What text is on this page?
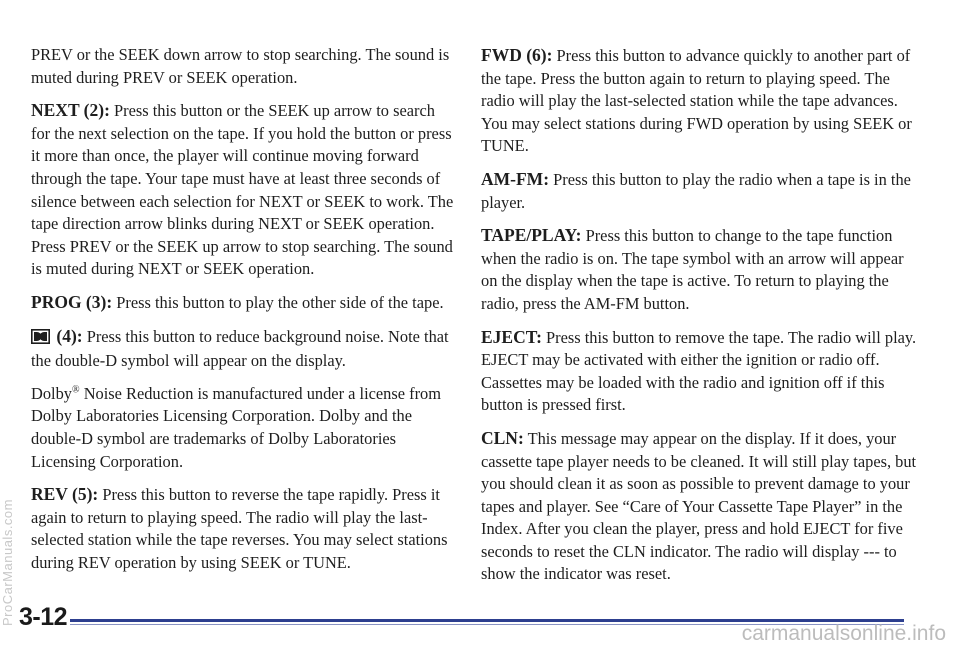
ProCarManuals.com

PREV or the SEEK down arrow to stop searching. The sound is muted during PREV or SEEK operation.

NEXT (2): Press this button or the SEEK up arrow to search for the next selection on the tape. If you hold the button or press it more than once, the player will continue moving forward through the tape. Your tape must have at least three seconds of silence between each selection for NEXT or SEEK to work. The tape direction arrow blinks during NEXT or SEEK operation.

Press PREV or the SEEK up arrow to stop searching. The sound is muted during NEXT or SEEK operation.

PROG (3): Press this button to play the other side of the tape.

(4): Press this button to reduce background noise. Note that the double-D symbol will appear on the display.

Dolby® Noise Reduction is manufactured under a license from Dolby Laboratories Licensing Corporation. Dolby and the double-D symbol are trademarks of Dolby Laboratories Licensing Corporation.

REV (5): Press this button to reverse the tape rapidly. Press it again to return to playing speed. The radio will play the last-selected station while the tape reverses. You may select stations during REV operation by using SEEK or TUNE.

FWD (6): Press this button to advance quickly to another part of the tape. Press the button again to return to playing speed. The radio will play the last-selected station while the tape advances. You may select stations during FWD operation by using SEEK or TUNE.

AM-FM: Press this button to play the radio when a tape is in the player.

TAPE/PLAY: Press this button to change to the tape function when the radio is on. The tape symbol with an arrow will appear on the display when the tape is active. To return to playing the radio, press the AM-FM button.

EJECT: Press this button to remove the tape. The radio will play. EJECT may be activated with either the ignition or radio off. Cassettes may be loaded with the radio and ignition off if this button is pressed first.

CLN: This message may appear on the display. If it does, your cassette tape player needs to be cleaned. It will still play tapes, but you should clean it as soon as possible to prevent damage to your tapes and player. See “Care of Your Cassette Tape Player” in the Index. After you clean the player, press and hold EJECT for five seconds to reset the CLN indicator. The radio will display --- to show the indicator was reset.

3-12
carmanualsonline.info
